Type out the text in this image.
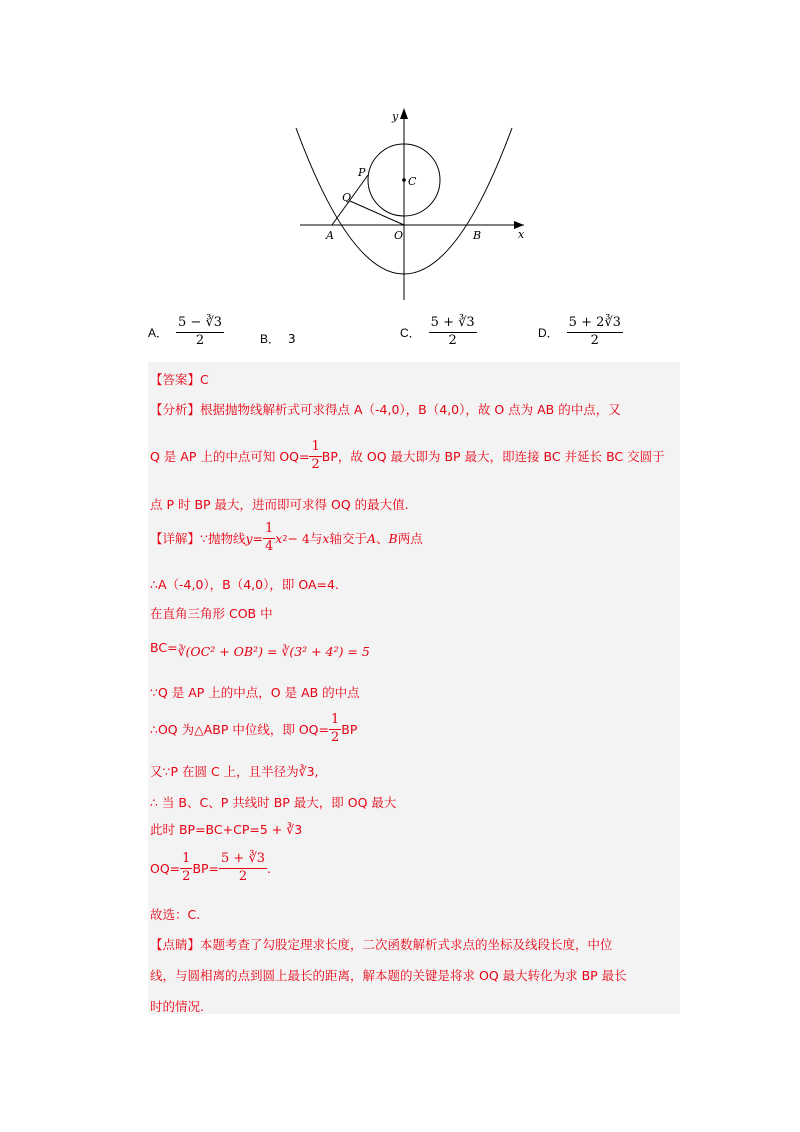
y
x
P
C
Q
A	O	B
A． $\frac{5 - ∛3}{2}$	B． 3	C． $\frac{5 + ∛3}{2}$	D． $\frac{5 + 2∛3}{2}$
【答案】C
【分析】根据抛物线解析式可求得点 A（-4,0），B（4,0），故 O 点为 AB 的中点，又
Q 是 AP 上的中点可知 $OQ= \frac{1}{2}$ BP，故 OQ 最大即为 BP 最大，即连接 BC 并延长 BC 交圆于
点 P 时 BP 最大，进而即可求得 OQ 的最大值.
【详解】∵抛物线 $y = \frac{1}{4}$ x 2 − 4 与 x 轴交于 A 、 B 两点
∴A（-4,0），B（4,0），即 OA=4.
在直角三角形 COB 中
BC= ∛(OC² + OB²) = ∛(3² + 4²) = 5
∵Q 是 AP 上的中点，O 是 AB 的中点
∴OQ 为△ABP 中位线，即 $OQ= \frac{1}{2}$ BP
又∵P 在圆 C 上，且半径为∛3,
∴ 当 B、C、P 共线时 BP 最大，即 OQ 最大
此时 BP=BC+CP=5 + ∛3
$OQ= \frac{1}{2} BP= \frac{5 + ∛3}{2}$ .
故选：C.
【点睛】本题考查了勾股定理求长度，二次函数解析式求点的坐标及线段长度，中位
线，与圆相离的点到圆上最长的距离，解本题的关键是将求 OQ 最大转化为求 BP 最长
时的情况.
